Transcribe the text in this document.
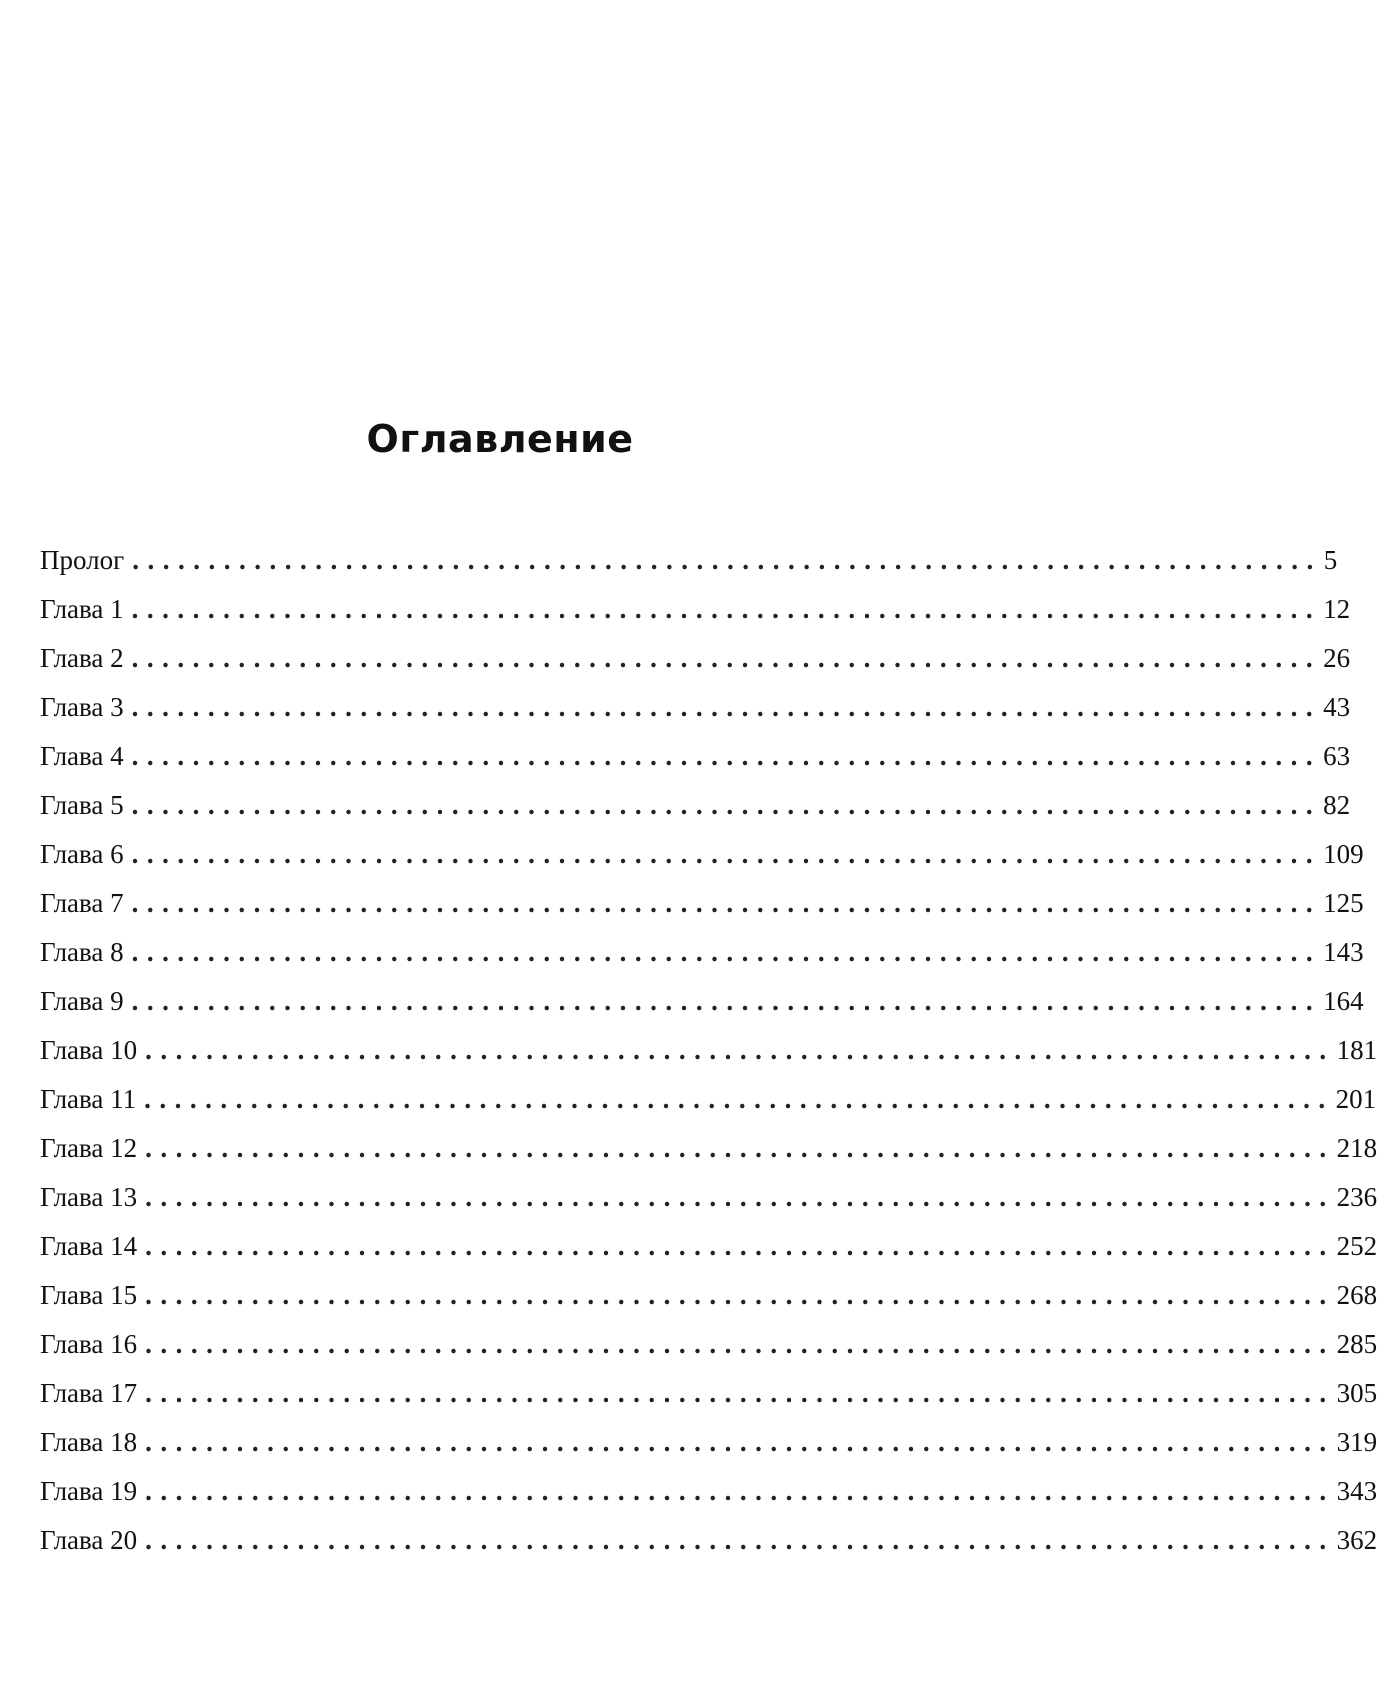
Оглавление
Пролог .............................................................................. 5
Глава 1 .............................................................................. 12
Глава 2 .............................................................................. 26
Глава 3 .............................................................................. 43
Глава 4 .............................................................................. 63
Глава 5 .............................................................................. 82
Глава 6 .............................................................................. 109
Глава 7 .............................................................................. 125
Глава 8 .............................................................................. 143
Глава 9 .............................................................................. 164
Глава 10 .............................................................................. 181
Глава 11 .............................................................................. 201
Глава 12 .............................................................................. 218
Глава 13 .............................................................................. 236
Глава 14 .............................................................................. 252
Глава 15 .............................................................................. 268
Глава 16 .............................................................................. 285
Глава 17 .............................................................................. 305
Глава 18 .............................................................................. 319
Глава 19 .............................................................................. 343
Глава 20 .............................................................................. 362
